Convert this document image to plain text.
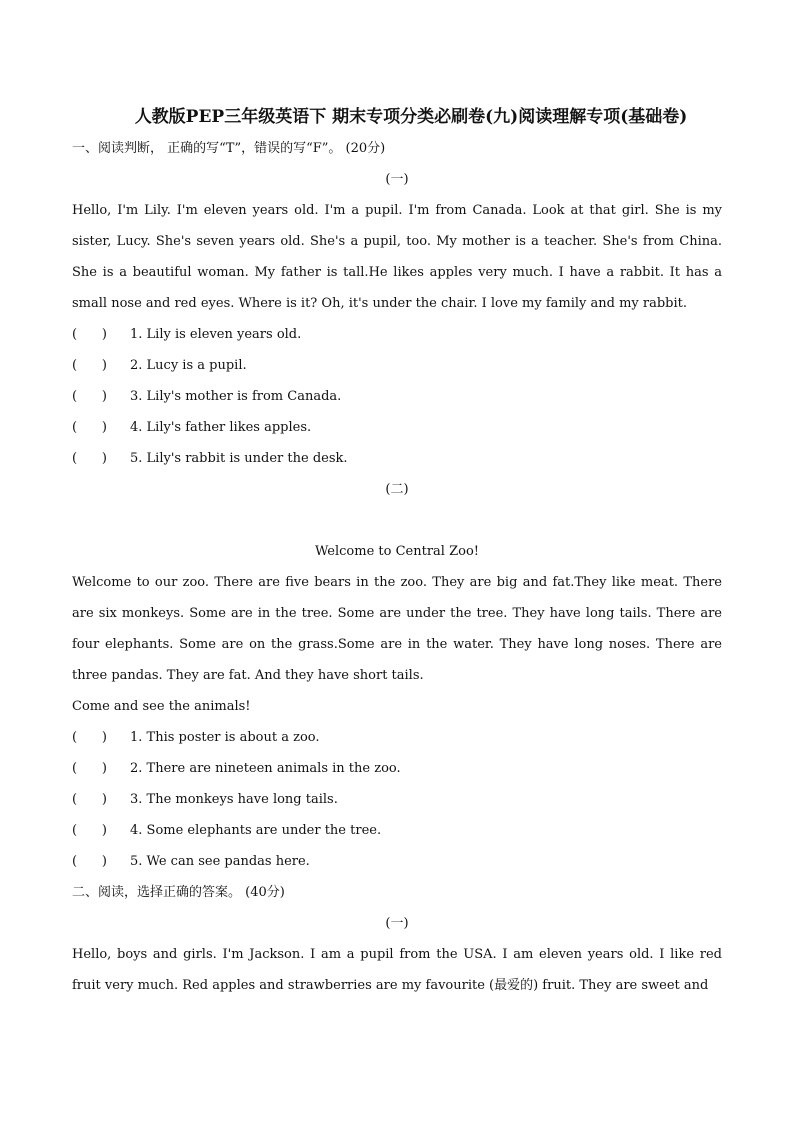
人教版PEP三年级英语下 期末专项分类必刷卷(九)阅读理解专项(基础卷)

一、阅读判断， 正确的写“T”，错误的写“F”。 (20分)

(一)

Hello, I'm Lily. I'm eleven years old. I'm a pupil. I'm from Canada. Look at that girl. She is my sister, Lucy. She's seven years old. She's a pupil, too. My mother is a teacher. She's from China. She is a beautiful woman. My father is tall.He likes apples very much. I have a rabbit. It has a small nose and red eyes. Where is it? Oh, it's under the chair. I love my family and my rabbit.

(      )	1. Lily is eleven years old.
(      )	2. Lucy is a pupil.
(      )	3. Lily's mother is from Canada.
(      )	4. Lily's father likes apples.
(      )	5. Lily's rabbit is under the desk.

(二)

Welcome to Central Zoo!

Welcome to our zoo. There are five bears in the zoo. They are big and fat.They like meat. There are six monkeys. Some are in the tree. Some are under the tree. They have long tails. There are four elephants. Some are on the grass.Some are in the water. They have long noses. There are three pandas. They are fat. And they have short tails.

Come and see the animals!

(      )	1. This poster is about a zoo.
(      )	2. There are nineteen animals in the zoo.
(      )	3. The monkeys have long tails.
(      )	4. Some elephants are under the tree.
(      )	5. We can see pandas here.

二、阅读，选择正确的答案。 (40分)

(一)

Hello, boys and girls. I'm Jackson. I am a pupil from the USA. I am eleven years old. I like red fruit very much. Red apples and strawberries are my favourite (最爱的) fruit. They are sweet and
